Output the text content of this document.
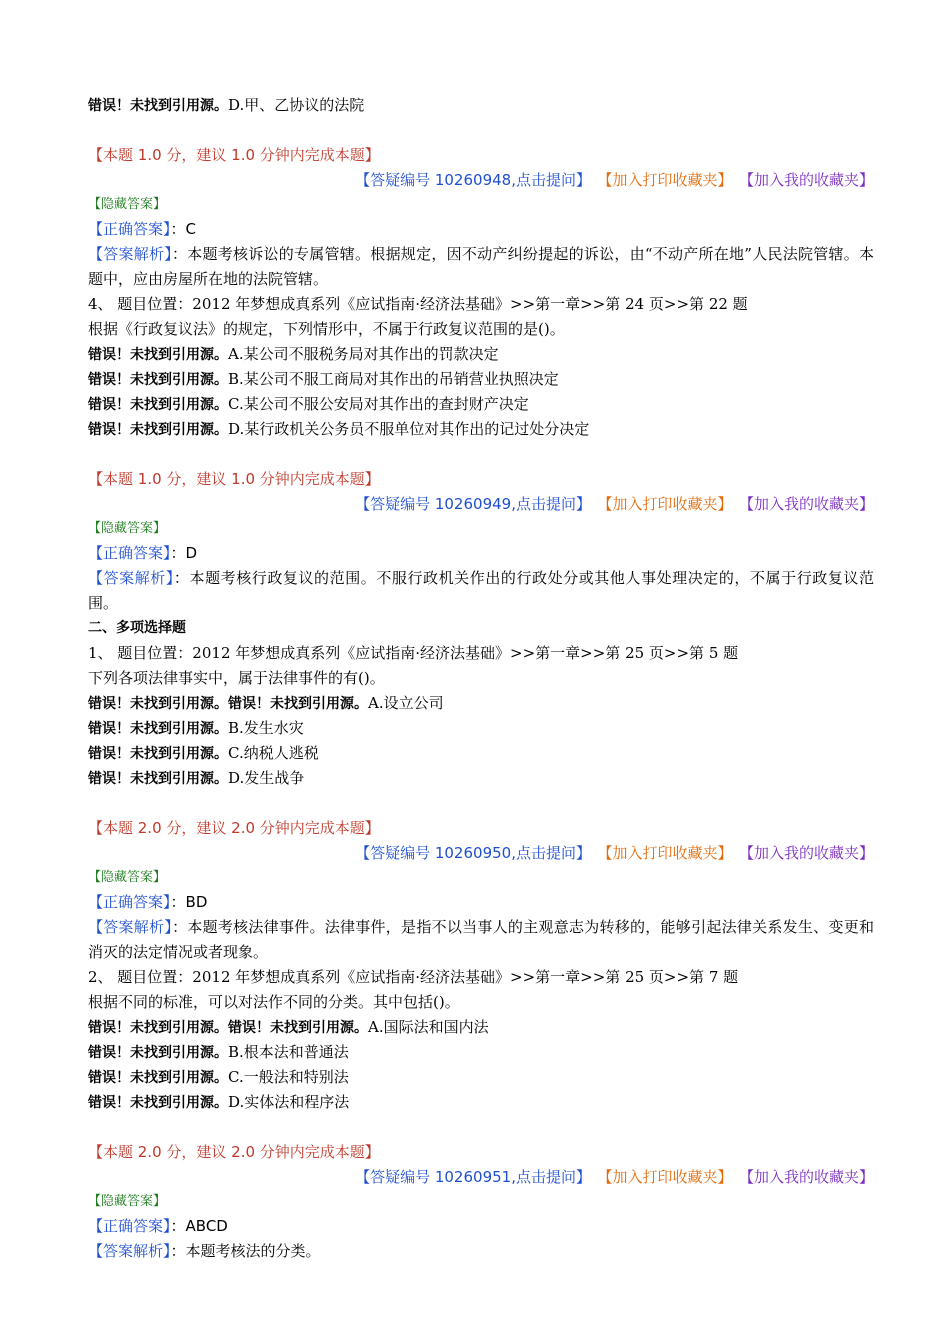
错误！未找到引用源。D.甲、乙协议的法院
【本题 1.0 分，建议 1.0 分钟内完成本题】
【答疑编号 10260948,点击提问】 【加入打印收藏夹】 【加入我的收藏夹】
【隐藏答案】
【正确答案】：C
【答案解析】：本题考核诉讼的专属管辖。根据规定，因不动产纠纷提起的诉讼，由“不动产所在地”人民法院管辖。本题中，应由房屋所在地的法院管辖。
4、 题目位置：2012 年梦想成真系列《应试指南·经济法基础》>>第一章>>第 24 页>>第 22 题
根据《行政复议法》的规定，下列情形中，不属于行政复议范围的是()。
错误！未找到引用源。A.某公司不服税务局对其作出的罚款决定
错误！未找到引用源。B.某公司不服工商局对其作出的吊销营业执照决定
错误！未找到引用源。C.某公司不服公安局对其作出的查封财产决定
错误！未找到引用源。D.某行政机关公务员不服单位对其作出的记过处分决定
【本题 1.0 分，建议 1.0 分钟内完成本题】
【答疑编号 10260949,点击提问】 【加入打印收藏夹】 【加入我的收藏夹】
【隐藏答案】
【正确答案】：D
【答案解析】：本题考核行政复议的范围。不服行政机关作出的行政处分或其他人事处理决定的，不属于行政复议范围。
二、多项选择题
1、 题目位置：2012 年梦想成真系列《应试指南·经济法基础》>>第一章>>第 25 页>>第 5 题
下列各项法律事实中，属于法律事件的有()。
错误！未找到引用源。错误！未找到引用源。A.设立公司
错误！未找到引用源。B.发生水灾
错误！未找到引用源。C.纳税人逃税
错误！未找到引用源。D.发生战争
【本题 2.0 分，建议 2.0 分钟内完成本题】
【答疑编号 10260950,点击提问】 【加入打印收藏夹】 【加入我的收藏夹】
【隐藏答案】
【正确答案】：BD
【答案解析】：本题考核法律事件。法律事件，是指不以当事人的主观意志为转移的，能够引起法律关系发生、变更和消灭的法定情况或者现象。
2、 题目位置：2012 年梦想成真系列《应试指南·经济法基础》>>第一章>>第 25 页>>第 7 题
根据不同的标准，可以对法作不同的分类。其中包括()。
错误！未找到引用源。错误！未找到引用源。A.国际法和国内法
错误！未找到引用源。B.根本法和普通法
错误！未找到引用源。C.一般法和特别法
错误！未找到引用源。D.实体法和程序法
【本题 2.0 分，建议 2.0 分钟内完成本题】
【答疑编号 10260951,点击提问】 【加入打印收藏夹】 【加入我的收藏夹】
【隐藏答案】
【正确答案】：ABCD
【答案解析】：本题考核法的分类。
